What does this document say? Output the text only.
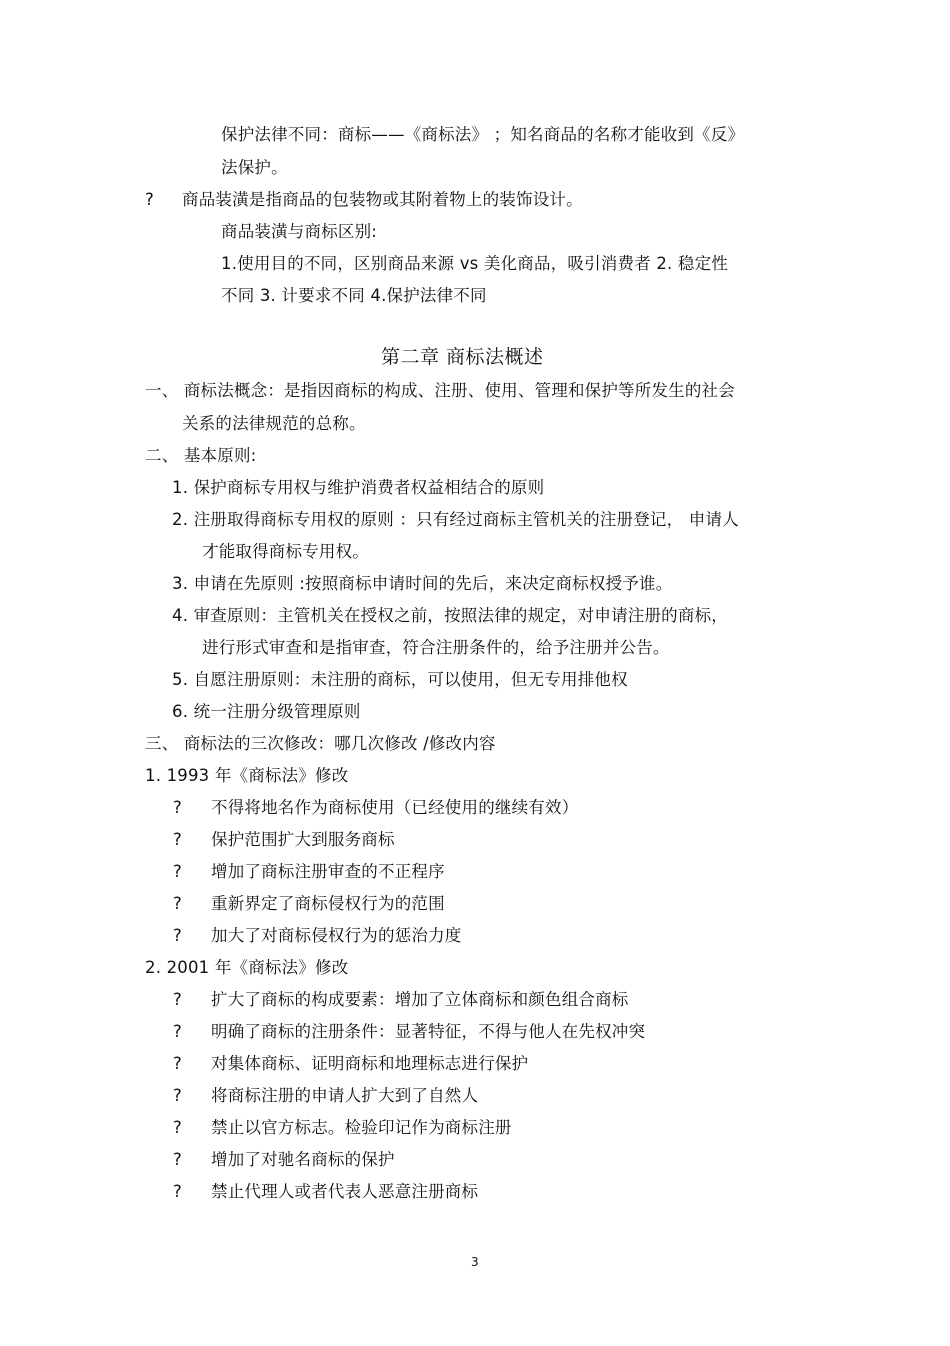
保护法律不同：商标——《商标法》 ；知名商品的名称才能收到《反》
法保护。
? 商品装潢是指商品的包装物或其附着物上的装饰设计。
商品装潢与商标区别:
1.使用目的不同，区别商品来源 vs 美化商品，吸引消费者 2. 稳定性
不同 3. 计要求不同 4.保护法律不同
第二章 商标法概述
一、 商标法概念：是指因商标的构成、注册、使用、管理和保护等所发生的社会
关系的法律规范的总称。
二、 基本原则:
1. 保护商标专用权与维护消费者权益相结合的原则
2. 注册取得商标专用权的原则 ：只有经过商标主管机关的注册登记， 申请人
才能取得商标专用权。
3. 申请在先原则 :按照商标申请时间的先后，来决定商标权授予谁。
4. 审查原则：主管机关在授权之前，按照法律的规定，对申请注册的商标，
进行形式审查和是指审查，符合注册条件的，给予注册并公告。
5. 自愿注册原则：未注册的商标，可以使用，但无专用排他权
6. 统一注册分级管理原则
三、 商标法的三次修改：哪几次修改 /修改内容
1. 1993 年《商标法》修改
? 不得将地名作为商标使用（已经使用的继续有效）
? 保护范围扩大到服务商标
? 增加了商标注册审查的不正程序
? 重新界定了商标侵权行为的范围
? 加大了对商标侵权行为的惩治力度
2. 2001 年《商标法》修改
? 扩大了商标的构成要素：增加了立体商标和颜色组合商标
? 明确了商标的注册条件：显著特征，不得与他人在先权冲突
? 对集体商标、证明商标和地理标志进行保护
? 将商标注册的申请人扩大到了自然人
? 禁止以官方标志。检验印记作为商标注册
? 增加了对驰名商标的保护
? 禁止代理人或者代表人恶意注册商标
3
